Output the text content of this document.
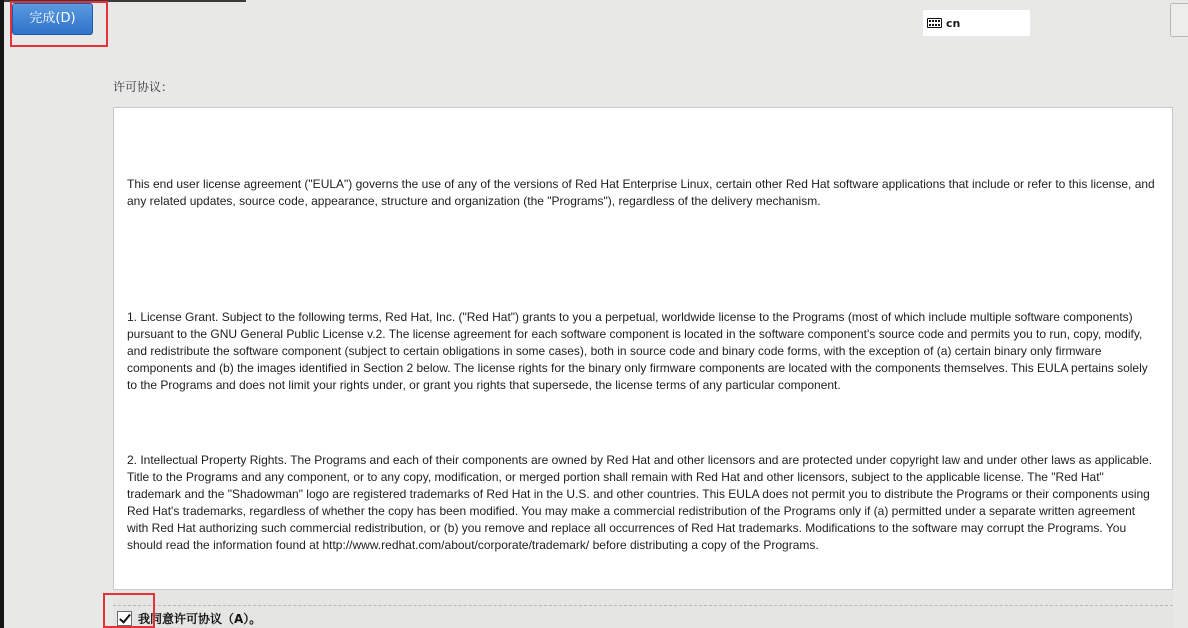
完成(D)	cn
许可协议：

This end user license agreement ("EULA") governs the use of any of the versions of Red Hat Enterprise Linux, certain other Red Hat software applications that include or refer to this license, and any related updates, source code, appearance, structure and organization (the "Programs"), regardless of the delivery mechanism.

1. License Grant. Subject to the following terms, Red Hat, Inc. ("Red Hat") grants to you a perpetual, worldwide license to the Programs (most of which include multiple software components) pursuant to the GNU General Public License v.2. The license agreement for each software component is located in the software component's source code and permits you to run, copy, modify, and redistribute the software component (subject to certain obligations in some cases), both in source code and binary code forms, with the exception of (a) certain binary only firmware components and (b) the images identified in Section 2 below. The license rights for the binary only firmware components are located with the components themselves. This EULA pertains solely to the Programs and does not limit your rights under, or grant you rights that supersede, the license terms of any particular component.

2. Intellectual Property Rights. The Programs and each of their components are owned by Red Hat and other licensors and are protected under copyright law and under other laws as applicable. Title to the Programs and any component, or to any copy, modification, or merged portion shall remain with Red Hat and other licensors, subject to the applicable license. The "Red Hat" trademark and the "Shadowman" logo are registered trademarks of Red Hat in the U.S. and other countries. This EULA does not permit you to distribute the Programs or their components using Red Hat's trademarks, regardless of whether the copy has been modified. You may make a commercial redistribution of the Programs only if (a) permitted under a separate written agreement with Red Hat authorizing such commercial redistribution, or (b) you remove and replace all occurrences of Red Hat trademarks. Modifications to the software may corrupt the Programs. You should read the information found at http://www.redhat.com/about/corporate/trademark/ before distributing a copy of the Programs.

我同意许可协议（A）。
